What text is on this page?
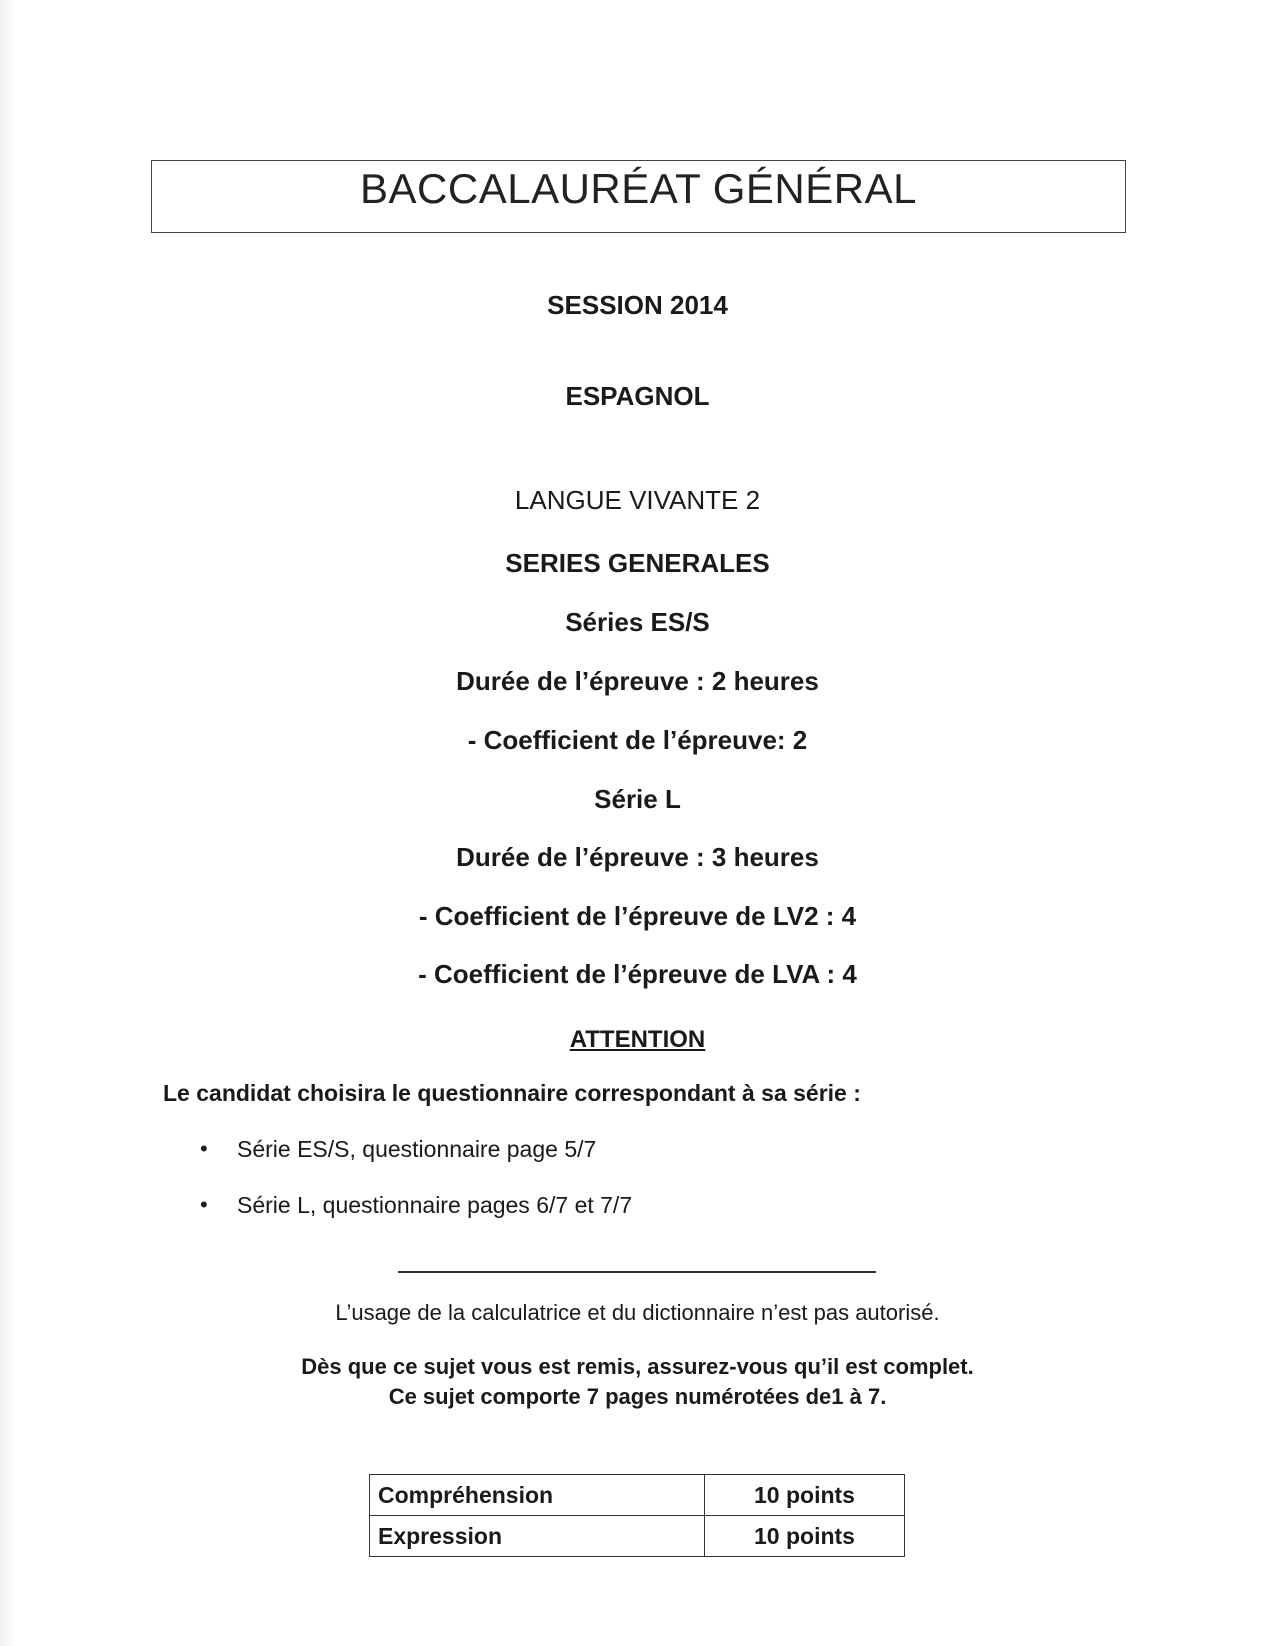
BACCALAURÉAT GÉNÉRAL
SESSION 2014
ESPAGNOL
LANGUE VIVANTE 2
SERIES GENERALES
Séries ES/S
Durée de l’épreuve : 2 heures
- Coefficient de l’épreuve: 2
Série L
Durée de l’épreuve : 3 heures
- Coefficient de l’épreuve de LV2 : 4
- Coefficient de l’épreuve de LVA : 4
ATTENTION
Le candidat choisira le questionnaire correspondant à sa série :
• Série ES/S, questionnaire page 5/7
• Série L, questionnaire pages 6/7 et 7/7
L’usage de la calculatrice et du dictionnaire n’est pas autorisé.
Dès que ce sujet vous est remis, assurez-vous qu’il est complet.
Ce sujet comporte 7 pages numérotées de1 à 7.
Compréhension	10 points
Expression	10 points
